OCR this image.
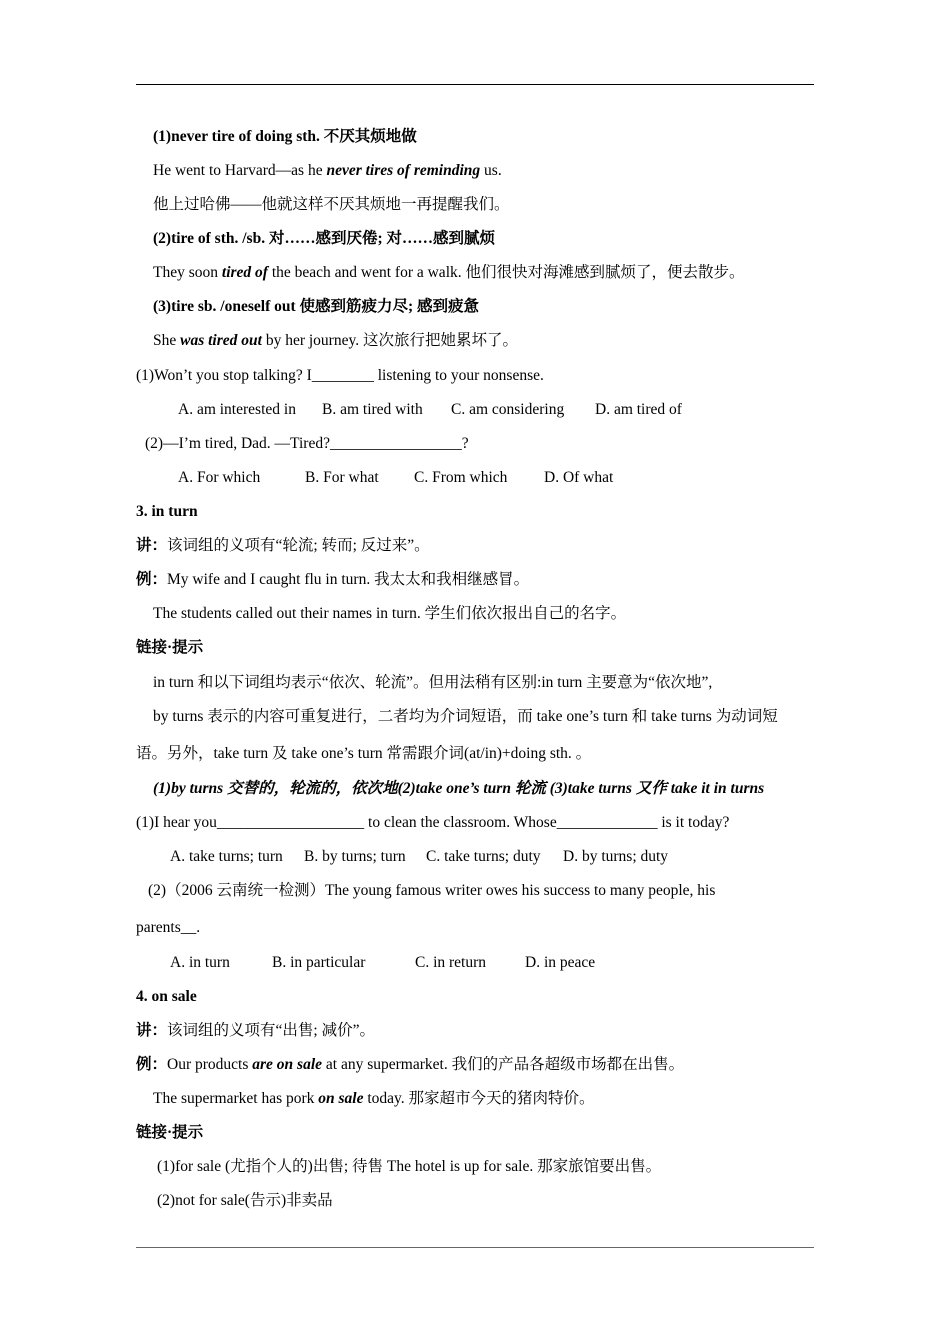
(1)never tire of doing sth. 不厌其烦地做
He went to Harvard—as he never tires of reminding us.
他上过哈佛——他就这样不厌其烦地一再提醒我们。
(2)tire of sth. /sb. 对……感到厌倦; 对……感到腻烦
They soon tired of the beach and went for a walk. 他们很快对海滩感到腻烦了，便去散步。
(3)tire sb. /oneself out 使感到筋疲力尽; 感到疲惫
She was tired out by her journey. 这次旅行把她累坏了。
(1)Won’t you stop talking? I________ listening to your nonsense.
A. am interested in B. am tired with C. am considering D. am tired of
(2)—I’m tired, Dad. —Tired?_________________?
A. For which	B. For what C. From which D. Of what
3. in turn
讲：该词组的义项有“轮流; 转而; 反过来”。
例：My wife and I caught flu in turn. 我太太和我相继感冒。
The students called out their names in turn. 学生们依次报出自己的名字。
链接·提示
in turn 和以下词组均表示“依次、轮流”。但用法稍有区别:in turn 主要意为“依次地”,
by turns 表示的内容可重复进行，二者均为介词短语，而 take one’s turn 和 take turns 为动词短
语。另外，take turn 及 take one’s turn 常需跟介词(at/in)+doing sth. 。
(1)by turns 交替的，轮流的，依次地(2)take one’s turn 轮流 (3)take turns 又作 take it in turns
(1)I hear you___________________ to clean the classroom. Whose_____________ is it today?
A. take turns; turn B. by turns; turn C. take turns; duty D. by turns; duty
(2)（2006 云南统一检测）The young famous writer owes his success to many people, his
parents__.
A. in turn	B. in particular	C. in return	D. in peace
4. on sale
讲：该词组的义项有“出售; 减价”。
例：Our products are on sale at any supermarket. 我们的产品各超级市场都在出售。
The supermarket has pork on sale today. 那家超市今天的猪肉特价。
链接·提示
(1)for sale (尤指个人的)出售; 待售 The hotel is up for sale. 那家旅馆要出售。
(2)not for sale(告示)非卖品
